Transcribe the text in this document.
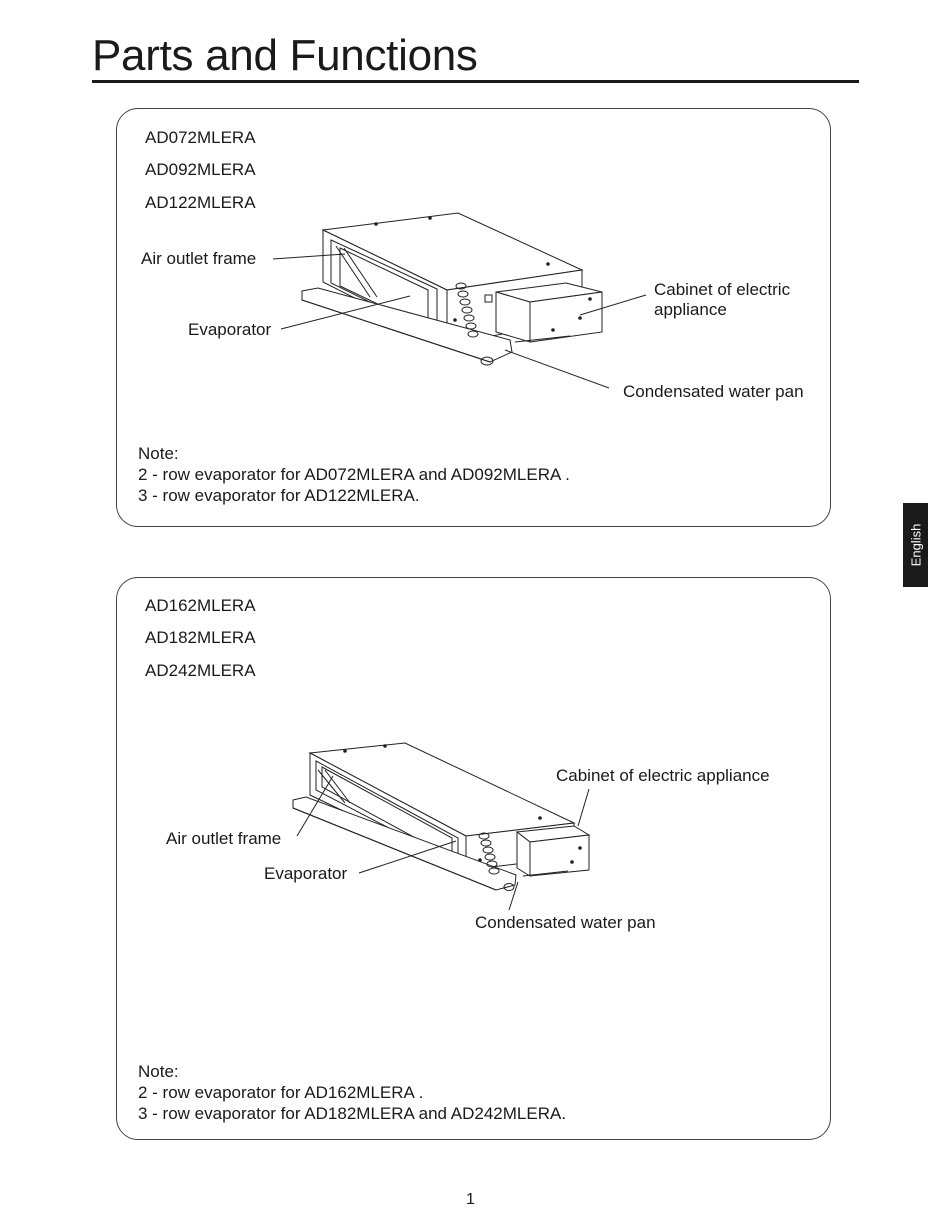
Parts and Functions
AD072MLERA
AD092MLERA
AD122MLERA
Air outlet frame
Evaporator
Cabinet of electric
appliance
Condensated water pan
Note:
2 - row evaporator for AD072MLERA and AD092MLERA .
3 - row evaporator for AD122MLERA.
AD162MLERA
AD182MLERA
AD242MLERA
Cabinet of electric appliance
Air outlet frame
Evaporator
Condensated water pan
Note:
2 - row evaporator for AD162MLERA .
3 - row evaporator for AD182MLERA and AD242MLERA.
English
1
